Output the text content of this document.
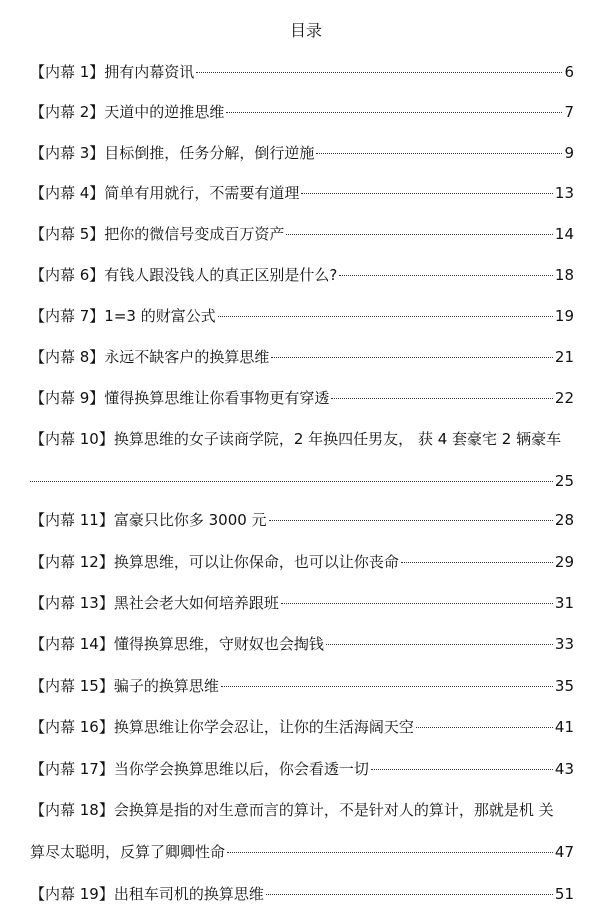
目录
【内幕 1】拥有内幕资讯	6
【内幕 2】天道中的逆推思维	7
【内幕 3】目标倒推，任务分解，倒行逆施	9
【内幕 4】简单有用就行，不需要有道理	13
【内幕 5】把你的微信号变成百万资产	14
【内幕 6】有钱人跟没钱人的真正区别是什么?	18
【内幕 7】1=3 的财富公式	19
【内幕 8】永远不缺客户的换算思维	21
【内幕 9】懂得换算思维让你看事物更有穿透	22
【内幕 10】换算思维的女子读商学院，2 年换四任男友， 获 4 套豪宅 2 辆豪车
25
【内幕 11】富豪只比你多 3000 元	28
【内幕 12】换算思维，可以让你保命，也可以让你丧命	29
【内幕 13】黑社会老大如何培养跟班	31
【内幕 14】懂得换算思维，守财奴也会掏钱	33
【内幕 15】骗子的换算思维	35
【内幕 16】换算思维让你学会忍让，让你的生活海阔天空	41
【内幕 17】当你学会换算思维以后，你会看透一切	43
【内幕 18】会换算是指的对生意而言的算计，不是针对人的算计，那就是机 关
算尽太聪明，反算了卿卿性命	47
【内幕 19】出租车司机的换算思维	51
